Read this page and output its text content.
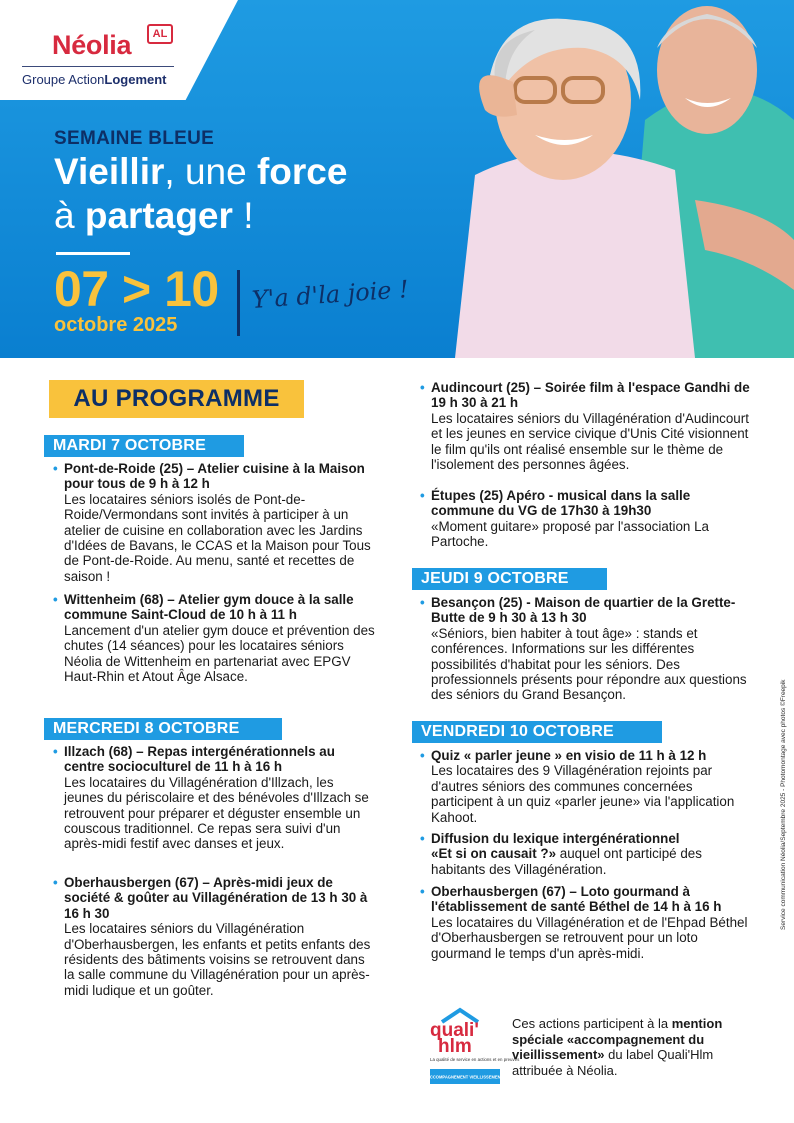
Néolia	AL
Groupe ActionLogement
SEMAINE BLEUE
Vieillir, une force
à partager !
07 > 10
octobre 2025
Y'a d'la joie !
AU PROGRAMME
MARDI 7 OCTOBRE
• Pont-de-Roide (25) – Atelier cuisine à la Maison pour tous de 9 h à 12 h
Les locataires séniors isolés de Pont-de-Roide/Vermondans sont invités à participer à un atelier de cuisine en collaboration avec les Jardins d'Idées de Bavans, le CCAS et la Maison pour Tous de Pont-de-Roide. Au menu, santé et recettes de saison !
• Wittenheim (68) – Atelier gym douce à la salle commune Saint-Cloud de 10 h à 11 h
Lancement d'un atelier gym douce et prévention des chutes (14 séances) pour les locataires séniors Néolia de Wittenheim en partenariat avec EPGV Haut-Rhin et Atout Âge Alsace.
MERCREDI 8 OCTOBRE
• Illzach (68) – Repas intergénérationnels au centre socioculturel de 11 h à 16 h
Les locataires du Villagénération d'Illzach, les jeunes du périscolaire et des bénévoles d'Illzach se retrouvent pour préparer et déguster ensemble un couscous traditionnel. Ce repas sera suivi d'un après-midi festif avec danses et jeux.
• Oberhausbergen (67) – Après-midi jeux de société & goûter au Villagénération de 13 h 30 à 16 h 30
Les locataires séniors du Villagénération d'Oberhausbergen, les enfants et petits enfants des résidents des bâtiments voisins se retrouvent dans la salle commune du Villagénération pour un après-midi ludique et un goûter.
• Audincourt (25) – Soirée film à l'espace Gandhi de 19 h 30 à 21 h
Les locataires séniors du Villagénération d'Audincourt et les jeunes en service civique d'Unis Cité visionnent le film qu'ils ont réalisé ensemble sur le thème de l'isolement des personnes âgées.
• Étupes (25) Apéro - musical dans la salle commune du VG de 17h30 à 19h30
«Moment guitare» proposé par l'association La Partoche.
JEUDI 9 OCTOBRE
• Besançon (25) - Maison de quartier de la Grette-Butte de 9 h 30 à 13 h 30
«Séniors, bien habiter à tout âge» : stands et conférences. Informations sur les différentes possibilités d'habitat pour les séniors. Des professionnels présents pour répondre aux questions des séniors du Grand Besançon.
VENDREDI 10 OCTOBRE
• Quiz « parler jeune » en visio de 11 h à 12 h
Les locataires des 9 Villagénération rejoints par d'autres séniors des communes concernées participent à un quiz «parler jeune» via l'application Kahoot.
• Diffusion du lexique intergénérationnel
«Et si on causait ?» auquel ont participé des habitants des Villagénération.
• Oberhausbergen (67) – Loto gourmand à l'établissement de santé Béthel de 14 h à 16 h
Les locataires du Villagénération et de l'Ehpad Béthel d'Oberhausbergen se retrouvent pour un loto gourmand le temps d'un après-midi.
quali'
hlm
La qualité de service en actions et en preuves
ACCOMPAGNEMENT VIEILLISSEMENT
Ces actions participent à la mention spéciale «accompagnement du vieillissement» du label Quali'Hlm attribuée à Néolia.
Service communication Néolia/Septembre 2025 - Photomontage avec photos ©Freepik
